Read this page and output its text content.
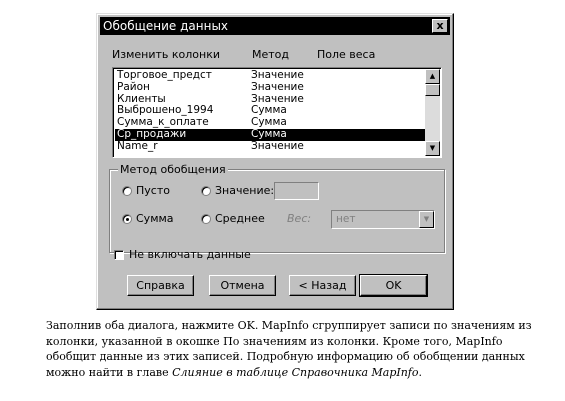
Обобщение данных	x
Изменить колонки	Метод	Поле веса
Торговое_предст	Значение
Район	Значение
Клиенты	Значение
Выброшено_1994	Сумма
Сумма_к_оплате	Сумма
Ср_продажи	Сумма
Name_r	Значение
▲
▼
Метод обобщения
Пусто	Значение:
Сумма	Среднее Вес:	нет	▼
Не включать данные
Справка	Отмена	< Назад	OK
Заполнив оба диалога, нажмите OK. MapInfo сгруппирует записи по значениям из колонки, указанной в окошке По значениям из колонки. Кроме того, MapInfo обобщит данные из этих записей. Подробную информацию об обобщении данных можно найти в главе Слияние в таблице Справочника MapInfo.
